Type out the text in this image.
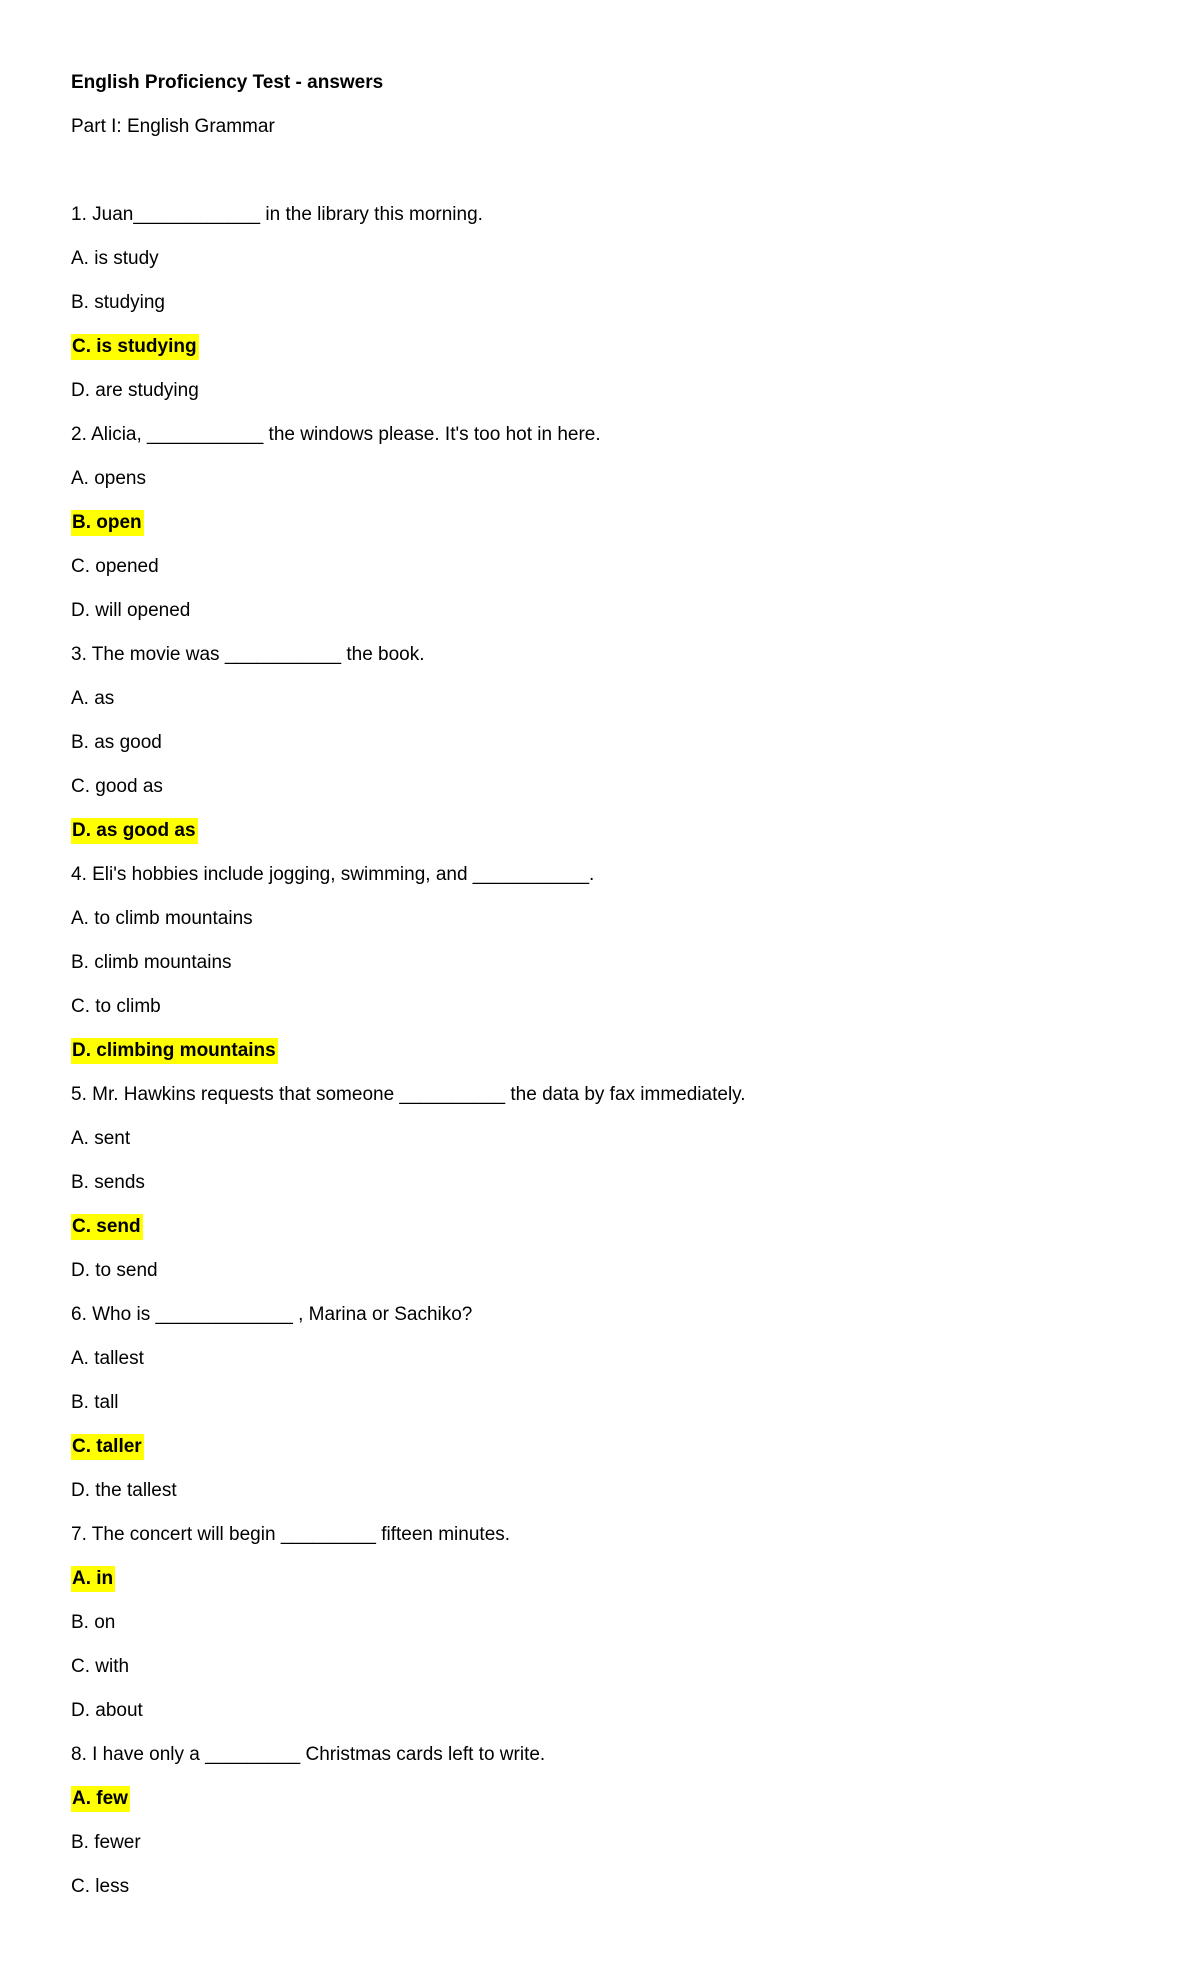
English Proficiency Test - answers
Part I: English Grammar
1. Juan____________ in the library this morning.
A. is study
B. studying
C. is studying
D. are studying
2. Alicia, ___________ the windows please. It's too hot in here.
A. opens
B. open
C. opened
D. will opened
3. The movie was ___________ the book.
A. as
B. as good
C. good as
D. as good as
4. Eli's hobbies include jogging, swimming, and ___________.
A. to climb mountains
B. climb mountains
C. to climb
D. climbing mountains
5. Mr. Hawkins requests that someone __________ the data by fax immediately.
A. sent
B. sends
C. send
D. to send
6. Who is _____________ , Marina or Sachiko?
A. tallest
B. tall
C. taller
D. the tallest
7. The concert will begin _________ fifteen minutes.
A. in
B. on
C. with
D. about
8. I have only a _________ Christmas cards left to write.
A. few
B. fewer
C. less
